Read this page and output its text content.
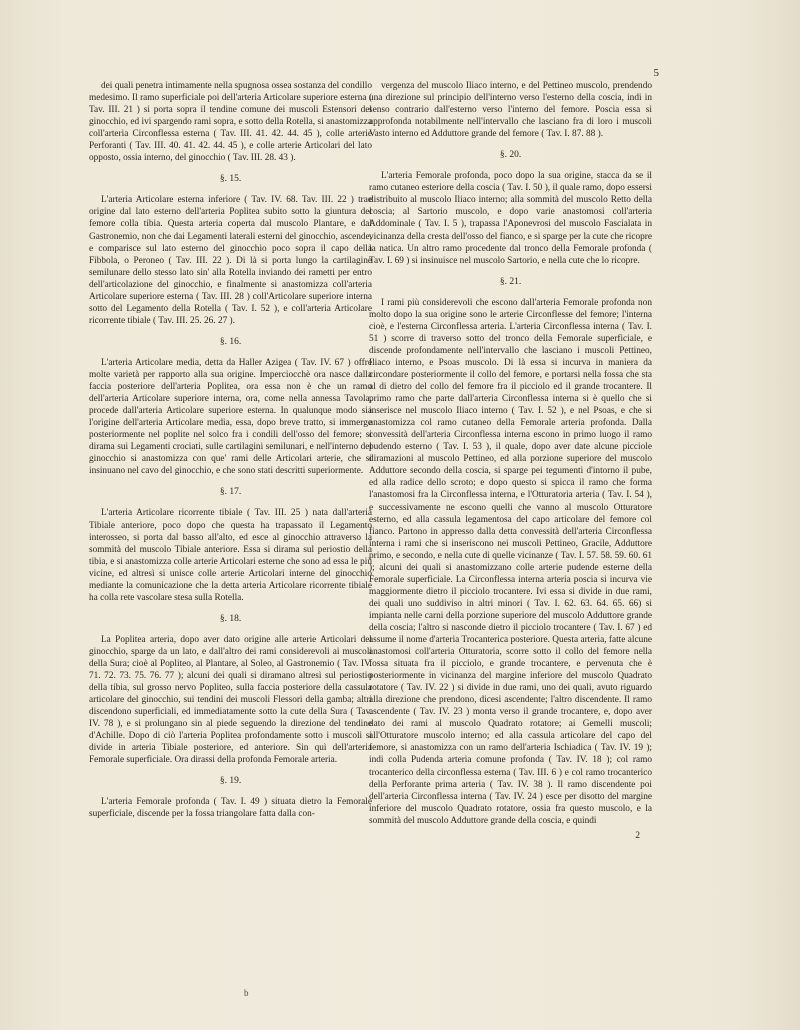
5

dei quali penetra intimamente nella spugnosa ossea sostanza del condillo medesimo. Il ramo superficiale poi dell'arteria Articolare superiore esterna ( Tav. III. 21 ) si porta sopra il tendine comune dei muscoli Estensori del ginocchio, ed ivi spargendo rami sopra, e sotto della Rotella, si anastomizza coll'arteria Circonflessa esterna ( Tav. III. 41. 42. 44. 45 ), colle arterie Perforanti ( Tav. III. 40. 41. 42. 44. 45 ), e colle arterie Articolari del lato opposto, ossia interno, del ginocchio ( Tav. III. 28. 43 ).

§. 15.

L'arteria Articolare esterna inferiore ( Tav. IV. 68. Tav. III. 22 ) trae origine dal lato esterno dell'arteria Poplitea subito sotto la giuntura del femore colla tibia. Questa arteria coperta dal muscolo Plantare, e dal Gastronemio, non che dai Legamenti laterali esterni del ginocchio, ascende, e comparisce sul lato esterno del ginocchio poco sopra il capo della Fibbola, o Peroneo ( Tav. III. 22 ). Di là si porta lungo la cartilagine semilunare dello stesso lato sin' alla Rotella inviando dei rametti per entro dell'articolazione del ginocchio, e finalmente si anastomizza coll'arteria Articolare superiore esterna ( Tav. III. 28 ) coll'Articolare superiore interna sotto del Legamento della Rotella ( Tav. I. 52 ), e coll'arteria Articolare ricorrente tibiale ( Tav. III. 25. 26. 27 ).

§. 16.

L'arteria Articolare media, detta da Haller Azigea ( Tav. IV. 67 ) offre molte varietà per rapporto alla sua origine. Imperciocchè ora nasce dalla faccia posteriore dell'arteria Poplitea, ora essa non è che un ramo dell'arteria Articolare superiore interna, ora, come nella annessa Tavola, procede dall'arteria Articolare superiore esterna. In qualunque modo sia l'origine dell'arteria Articolare media, essa, dopo breve tratto, si immerge posteriormente nel poplite nel solco fra i condili dell'osso del femore; si dirama sui Legamenti crociati, sulle cartilagini semilunari, e nell'interno del ginocchio si anastomizza con que' rami delle Articolari arterie, che si insinuano nel cavo del ginocchio, e che sono stati descritti superiormente.

§. 17.

L'arteria Articolare ricorrente tibiale ( Tav. III. 25 ) nata dall'arteria Tibiale anteriore, poco dopo che questa ha trapassato il Legamento interosseo, si porta dal basso all'alto, ed esce al ginocchio attraverso la sommità del muscolo Tibiale anteriore. Essa si dirama sul periostio della tibia, e si anastomizza colle arterie Articolari esterne che sono ad essa le più vicine, ed altresì si unisce colle arterie Articolari interne del ginocchio mediante la comunicazione che la detta arteria Articolare ricorrente tibiale ha colla rete vascolare stesa sulla Rotella.

§. 18.

La Poplitea arteria, dopo aver dato origine alle arterie Articolari del ginocchio, sparge da un lato, e dall'altro dei rami considerevoli ai muscoli della Sura; cioè al Popliteo, al Plantare, al Soleo, al Gastronemio ( Tav. IV. 71. 72. 73. 75. 76. 77 ); alcuni dei quali si diramano altresì sul periostio della tibia, sul grosso nervo Popliteo, sulla faccia posteriore della cassula articolare del ginocchio, sui tendini dei muscoli Flessori della gamba; altri discendono superficiali, ed immediatamente sotto la cute della Sura ( Tav. IV. 78 ), e si prolungano sin al piede seguendo la direzione del tendine d'Achille. Dopo di ciò l'arteria Poplitea profondamente sotto i muscoli si divide in arteria Tibiale posteriore, ed anteriore. Sin quì dell'arteria Femorale superficiale. Ora dirassi della profonda Femorale arteria.

§. 19.

L'arteria Femorale profonda ( Tav. I. 49 ) situata dietro la Femorale superficiale, discende per la fossa triangolare fatta dalla con-

vergenza del muscolo Iliaco interno, e del Pettineo muscolo, prendendo una direzione sul principio dell'interno verso l'esterno della coscia, indi in senso contrario dall'esterno verso l'interno del femore. Poscia essa si approfonda notabilmente nell'intervallo che lasciano fra di loro i muscoli Vasto interno ed Adduttore grande del femore ( Tav. I. 87. 88 ).

§. 20.

L'arteria Femorale profonda, poco dopo la sua origine, stacca da se il ramo cutaneo esteriore della coscia ( Tav. I. 50 ), il quale ramo, dopo essersi distribuito al muscolo Iliaco interno; alla sommità del muscolo Retto della coscia; al Sartorio muscolo, e dopo varie anastomosi coll'arteria Addominale ( Tav. I. 5 ), trapassa l'Aponevrosi del muscolo Fascialata in vicinanza della cresta dell'osso del fianco, e si sparge per la cute che ricopre la natica. Un altro ramo procedente dal tronco della Femorale profonda ( Tav. I. 69 ) si insinuisce nel muscolo Sartorio, e nella cute che lo ricopre.

§. 21.

I rami più considerevoli che escono dall'arteria Femorale profonda non molto dopo la sua origine sono le arterie Circonflesse del femore; l'interna cioè, e l'esterna Circonflessa arteria. L'arteria Circonflessa interna ( Tav. I. 51 ) scorre di traverso sotto del tronco della Femorale superficiale, e discende profondamente nell'intervallo che lasciano i muscoli Pettineo, Iliaco interno, e Psoas muscolo. Di là essa si incurva in maniera da circondare posteriormente il collo del femore, e portarsi nella fossa che sta al di dietro del collo del femore fra il picciolo ed il grande trocantere. Il primo ramo che parte dall'arteria Circonflessa interna si è quello che si inserisce nel muscolo Iliaco interno ( Tav. I. 52 ), e nel Psoas, e che si anastomizza col ramo cutaneo della Femorale arteria profonda. Dalla convessità dell'arteria Circonflessa interna escono in primo luogo il ramo pudendo esterno ( Tav. I. 53 ), il quale, dopo aver date alcune picciole diramazioni al muscolo Pettineo, ed alla porzione superiore del muscolo Adduttore secondo della coscia, si sparge pei tegumenti d'intorno il pube, ed alla radice dello scroto; e dopo questo si spicca il ramo che forma l'anastomosi fra la Circonflessa interna, e l'Otturatoria arteria ( Tav. I. 54 ), e successivamente ne escono quelli che vanno al muscolo Otturatore esterno, ed alla cassula legamentosa del capo articolare del femore col fianco. Partono in appresso dalla detta convessità dell'arteria Circonflessa interna i rami che si inseriscono nei muscoli Pettineo, Gracile, Adduttore primo, e secondo, e nella cute di quelle vicinanze ( Tav. I. 57. 58. 59. 60. 61 ); alcuni dei quali si anastomizzano colle arterie pudende esterne della Femorale superficiale. La Circonflessa interna arteria poscia si incurva vie maggiormente dietro il picciolo trocantere. Ivi essa si divide in due rami, dei quali uno suddiviso in altri minori ( Tav. I. 62. 63. 64. 65. 66) si impianta nelle carni della porzione superiore del muscolo Adduttore grande della coscia; l'altro si nasconde dietro il picciolo trocantere ( Tav. I. 67 ) ed assume il nome d'arteria Trocanterica posteriore. Questa arteria, fatte alcune anastomosi coll'arteria Otturatoria, scorre sotto il collo del femore nella fossa situata fra il picciolo, e grande trocantere, e pervenuta che è posteriormente in vicinanza del margine inferiore del muscolo Quadrato rotatore ( Tav. IV. 22 ) si divide in due rami, uno dei quali, avuto riguardo alla direzione che prendono, dicesi ascendente; l'altro discendente. Il ramo ascendente ( Tav. IV. 23 ) monta verso il grande trocantere, e, dopo aver dato dei rami al muscolo Quadrato rotatore; ai Gemelli muscoli; all'Otturatore muscolo interno; ed alla cassula articolare del capo del femore, si anastomizza con un ramo dell'arteria Ischiadica ( Tav. IV. 19 ); indi colla Pudenda arteria comune profonda ( Tav. IV. 18 ); col ramo trocanterico della circonflessa esterna ( Tav. III. 6 ) e col ramo trocanterico della Perforante prima arteria ( Tav. IV. 38 ). Il ramo discendente poi dell'arteria Circonflessa interna ( Tav. IV. 24 ) esce per disotto del margine inferiore del muscolo Quadrato rotatore, ossia fra questo muscolo, e la sommità del muscolo Adduttore grande della coscia, e quindi

2
b
